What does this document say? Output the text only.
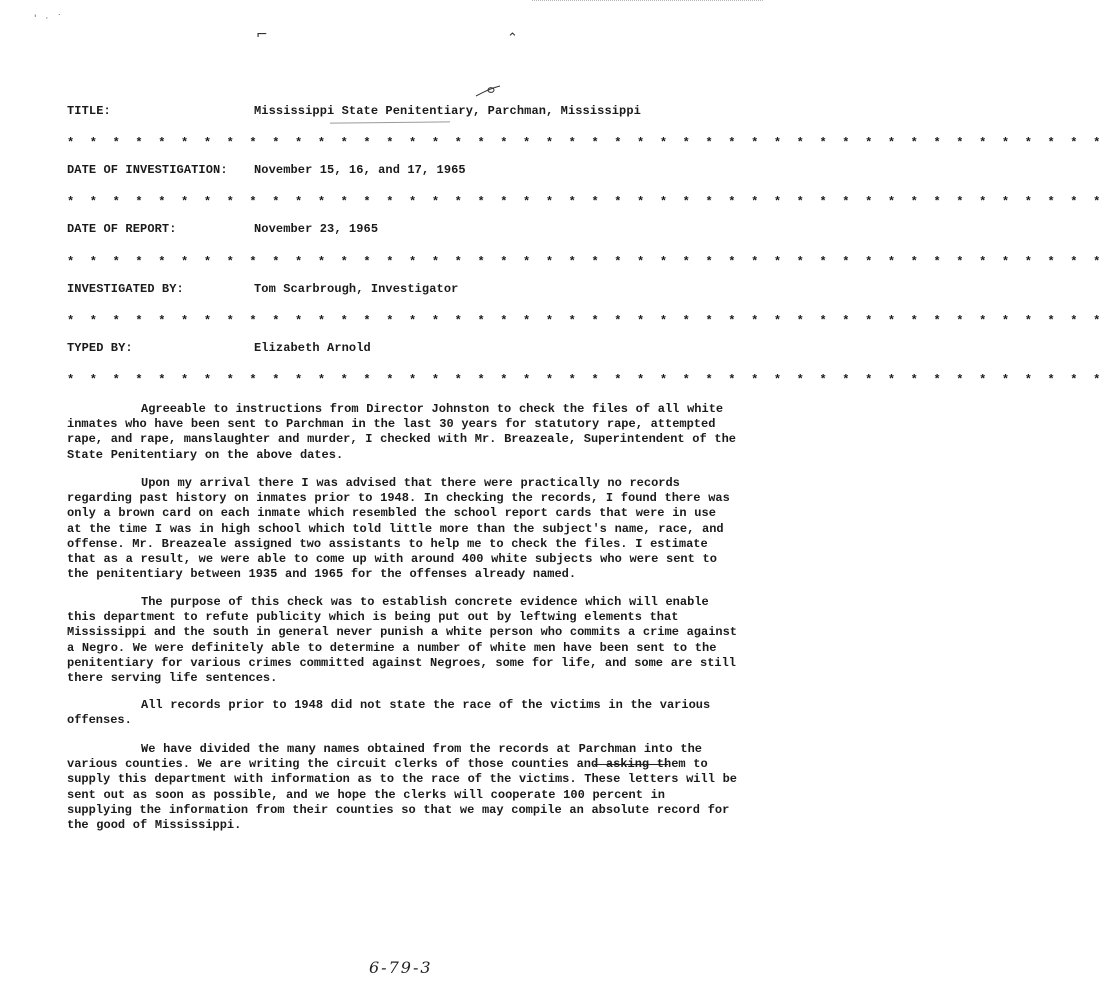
' · ˙
⌐	⌃
TITLE:	Mississippi State Penitentiary, Parchman, Mississippi
* * * * * * * * * * * * * * * * * * * * * * * * * * * * * * * * * * * * * * * * * * * * * *
DATE OF INVESTIGATION: November 15, 16, and 17, 1965
* * * * * * * * * * * * * * * * * * * * * * * * * * * * * * * * * * * * * * * * * * * * * *
DATE OF REPORT:	November 23, 1965
* * * * * * * * * * * * * * * * * * * * * * * * * * * * * * * * * * * * * * * * * * * * * *
INVESTIGATED BY:	Tom Scarbrough, Investigator
* * * * * * * * * * * * * * * * * * * * * * * * * * * * * * * * * * * * * * * * * * * * * *
TYPED BY:	Elizabeth Arnold
* * * * * * * * * * * * * * * * * * * * * * * * * * * * * * * * * * * * * * * * * * * * * *
Agreeable to instructions from Director Johnston to check the files of all white inmates who have been sent to Parchman in the last 30 years for statutory rape, attempted rape, and rape, manslaughter and murder, I checked with Mr. Breazeale, Superintendent of the State Penitentiary on the above dates.
Upon my arrival there I was advised that there were practically no records regarding past history on inmates prior to 1948. In checking the records, I found there was only a brown card on each inmate which resembled the school report cards that were in use at the time I was in high school which told little more than the subject's name, race, and offense. Mr. Breazeale assigned two assistants to help me to check the files. I estimate that as a result, we were able to come up with around 400 white subjects who were sent to the penitentiary between 1935 and 1965 for the offenses already named.
The purpose of this check was to establish concrete evidence which will enable this department to refute publicity which is being put out by leftwing elements that Mississippi and the south in general never punish a white person who commits a crime against a Negro. We were definitely able to determine a number of white men have been sent to the penitentiary for various crimes committed against Negroes, some for life, and some are still there serving life sentences.
All records prior to 1948 did not state the race of the victims in the various offenses.
We have divided the many names obtained from the records at Parchman into the various counties. We are writing the circuit clerks of those counties and asking them to supply this department with information as to the race of the victims. These letters will be sent out as soon as possible, and we hope the clerks will cooperate 100 percent in supplying the information from their counties so that we may compile an absolute record for the good of Mississippi.
6-79-3
